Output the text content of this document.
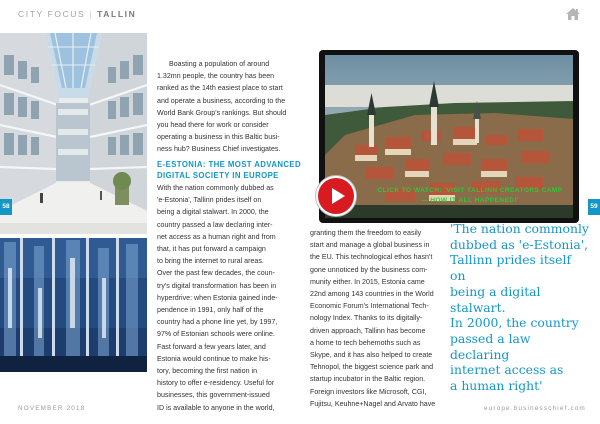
CITY FOCUS | TALLIN
58	59

Boasting a population of around
1.32mn people, the country has been
ranked as the 14th easiest place to start
and operate a business, according to the
World Bank Group's rankings. But should
you head there for work or consider
operating a business in this Baltic busi-
ness hub? Business Chief investigates.

E-ESTONIA: THE MOST ADVANCED
DIGITAL SOCIETY IN EUROPE

With the nation commonly dubbed as
'e-Estonia', Tallinn prides itself on
being a digital stalwart. In 2000, the
country passed a law declaring inter-
net access as a human right and from
that, it has put forward a campaign
to bring the internet to rural areas.
Over the past few decades, the coun-
try's digital transformation has been in
hyperdrive: when Estonia gained inde-
pendence in 1991, only half of the
country had a phone line yet, by 1997,
97% of Estonian schools were online.
Fast forward a few years later, and
Estonia would continue to make his-
tory, becoming the first nation in
history to offer e-residency. Useful for
businesses, this government-issued
ID is available to anyone in the world,

CLICK TO WATCH: 'VISIT TALLINN CREATORS CAMP
— HOW IT ALL HAPPENED!'

granting them the freedom to easily
start and manage a global business in
the EU. This technological ethos hasn't
gone unnoticed by the business com-
munity either. In 2015, Estonia came
22nd among 143 countries in the World
Economic Forum's International Tech-
nology Index. Thanks to its digitally-
driven approach, Tallinn has become
a home to tech behemoths such as
Skype, and it has also helped to create
Tehnopol, the biggest science park and
startup incubator in the Baltic region.
Foreign investors like Microsoft, CGI,
Fujitsu, Keuhne+Nagel and Arvato have

'The nation commonly
dubbed as 'e-Estonia',
Tallinn prides itself on
being a digital stalwart.
In 2000, the country
passed a law declaring
internet access as
a human right'

NOVEMBER 2018	europe.businesschief.com
